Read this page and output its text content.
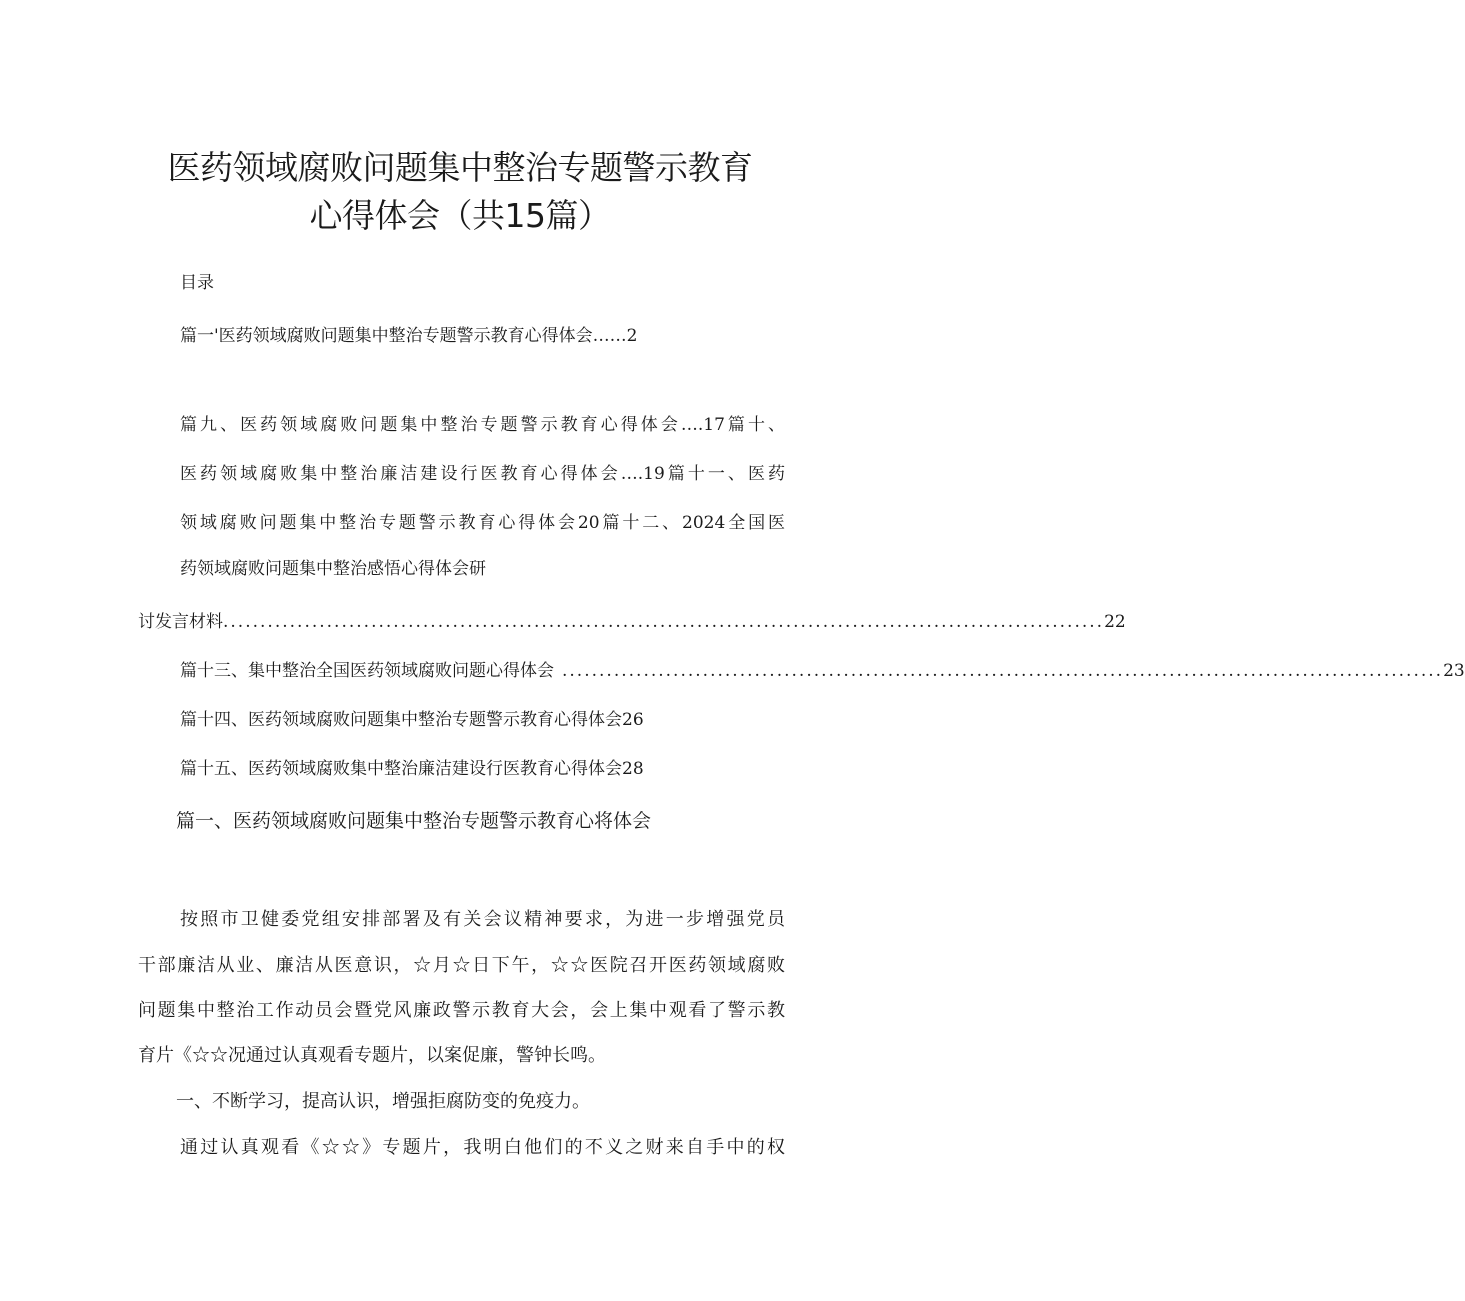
医药领域腐败问题集中整治专题警示教育
心得体会（共15篇）
目录
篇一'医药领域腐败问题集中整治专题警示教育心得体会……2
篇九、医药领域腐败问题集中整治专题警示教育心得体会….17篇十、
医药领域腐败集中整治廉洁建设行医教育心得体会….19篇十一、医药
领域腐败问题集中整治专题警示教育心得体会20篇十二、2024全国医
药领域腐败问题集中整治感悟心得体会研
讨发言材料 ....................................................................................................................... 22
篇十三、集中整治全国医药领域腐败问题心得体会 ....................................................................................................................... 23
篇十四、医药领域腐败问题集中整治专题警示教育心得体会26
篇十五、医药领域腐败集中整治廉洁建设行医教育心得体会28
篇一、医药领域腐败问题集中整治专题警示教育心将体会
按照市卫健委党组安排部署及有关会议精神要求，为进一步增强党员
干部廉洁从业、廉洁从医意识，☆月☆日下午，☆☆医院召开医药领域腐败
问题集中整治工作动员会暨党风廉政警示教育大会，会上集中观看了警示教
育片《☆☆况通过认真观看专题片，以案促廉，警钟长鸣。
一、不断学习，提高认识，增强拒腐防变的免疫力。
通过认真观看《☆☆》专题片，我明白他们的不义之财来自手中的权
